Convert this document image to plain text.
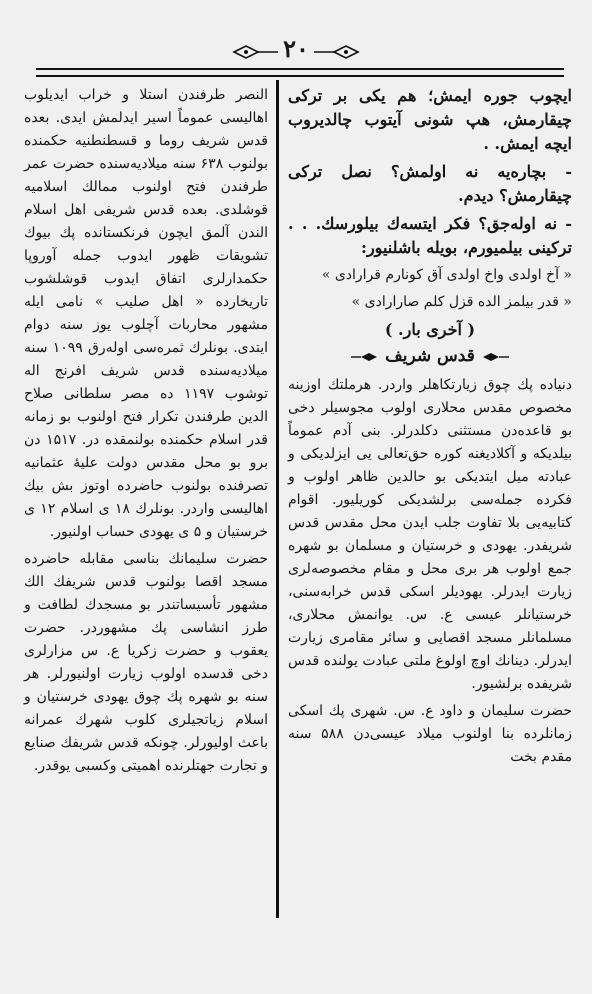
۲۰

ایچوب جوره ایمش؛ هم یکی بر ترکی چیقارمش، هپ شونی آیتوب چالدیروب ایچه ایمش. .

- بچاره‌یه نه اولمش؟ نصل ترکی چیقارمش؟ دیدم.

- نه اوله‌جق؟ فکر ایتسه‌ك بیلورسك. . . ترکینی بیلمیورم، بویله باشلنیور:

« آخ اولدی واخ اولدی آق کونارم قرارادی »

« قدر بیلمز الده قزل کلم صارارادی »

( آخری بار. )
قدس شریف

دنیاده پك چوق زیارتکاهلر واردر. هرملتك اوزینه مخصوص مقدس محلاری اولوب مجوسیلر دخی بو قاعده‌دن مستثنی دکلدرلر. بنی آدم عموماً بیلدیکه و آکلادیغنه کوره حق‌تعالی یی ایزلدیکی و عبادته میل ایتدیکی بو حالدین ظاهر اولوب و فکرده جملەسی برلشدیکی کوریلیور. اقوام کتابیه‌یی بلا تفاوت جلب ایدن محل مقدس قدس شریفدر. یهودی و خرستیان و مسلمان بو شهره جمع اولوب هر بری محل و مقام مخصوصه‌لری زیارت ایدرلر. یهودیلر اسکی قدس خرابه‌سنی، خرستیانلر عیسی ع. س. یوانمش محلاری، مسلمانلر مسجد اقصایی و سائر مقامری زیارت ایدرلر. دینانك اوچ اولوغ ملتی عبادت یولنده قدس شریفده برلشیور.

حضرت سلیمان و داود ع. س. شهری پك اسکی زمانلرده بنا اولنوب میلاد عیسی‌دن ۵۸۸ سنه مقدم بخت

النصر طرفندن استلا و خراب ایدیلوب اهالیسی عموماً اسیر ایدلمش ایدی. بعده قدس شریف روما و قسطنطنیه حکمنده بولنوب ۶۳۸ سنه میلادیه‌سنده حضرت عمر طرفندن فتح اولنوب ممالك اسلامیه قوشلدی. بعده قدس شریفی اهل اسلام الندن آلمق ایچون فرنکستانده پك بیوك تشویقات ظهور ایدوب جمله آوروپا حکمدارلری اتفاق ایدوب قوشلشوب تاریخارده « اهل صلیب » نامی ایله مشهور محاربات آچلوب یوز سنه دوام ایتدی. بونلرك ثمره‌سی اوله‌رق ۱۰۹۹ سنه میلادیه‌سنده قدس شریف افرنج اله توشوب ۱۱۹۷ ده مصر سلطانی صلاح الدین طرفندن تکرار فتح اولنوب بو زمانه قدر اسلام حکمنده بولنمقده در. ۱۵۱۷ دن برو بو محل مقدس دولت علیهٔ عثمانیه تصرفنده بولنوب حاضرده اوتوز بش بیك اهالیسی واردر. بونلرك ۱۸ ی اسلام ۱۲ ی خرستیان و ۵ ی یهودی حساب اولنیور.

حضرت سلیمانك بناسی مقابله حاضرده مسجد اقصا بولنوب قدس شریفك الك مشهور تأسیساتندر بو مسجدك لطافت و طرز انشاسی پك مشهوردر. حضرت یعقوب و حضرت زکریا ع. س مزارلری دخی قدسده اولوب زیارت اولنیورلر. هر سنه بو شهره پك چوق یهودی خرستیان و اسلام زیاتجیلری کلوب شهرك عمرانه باعث اولیورلر. چونکه قدس شریفك صنایع و تجارت جهتلرنده اهمیتی وکسبی یوقدر.
